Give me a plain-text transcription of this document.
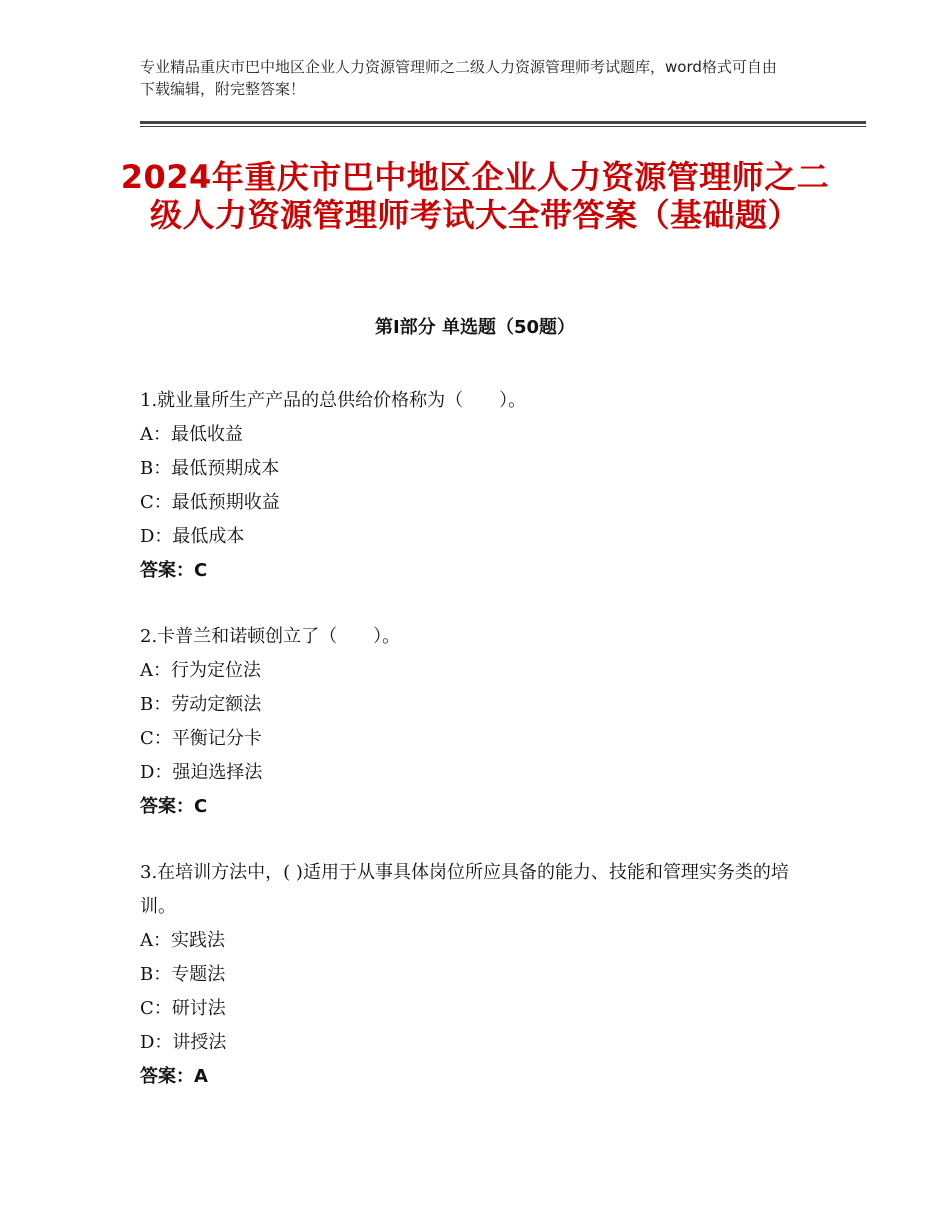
专业精品重庆市巴中地区企业人力资源管理师之二级人力资源管理师考试题库，word格式可自由下载编辑，附完整答案！
2024年重庆市巴中地区企业人力资源管理师之二级人力资源管理师考试大全带答案（基础题）
第Ⅰ部分 单选题（50题）

1.就业量所生产产品的总供给价格称为（　　）。

A：最低收益

B：最低预期成本

C：最低预期收益

D：最低成本

答案：C

2.卡普兰和诺顿创立了（　　）。

A：行为定位法

B：劳动定额法

C：平衡记分卡

D：强迫选择法

答案：C

3.在培训方法中，( )适用于从事具体岗位所应具备的能力、技能和管理实务类的培训。

A：实践法

B：专题法

C：研讨法

D：讲授法

答案：A
